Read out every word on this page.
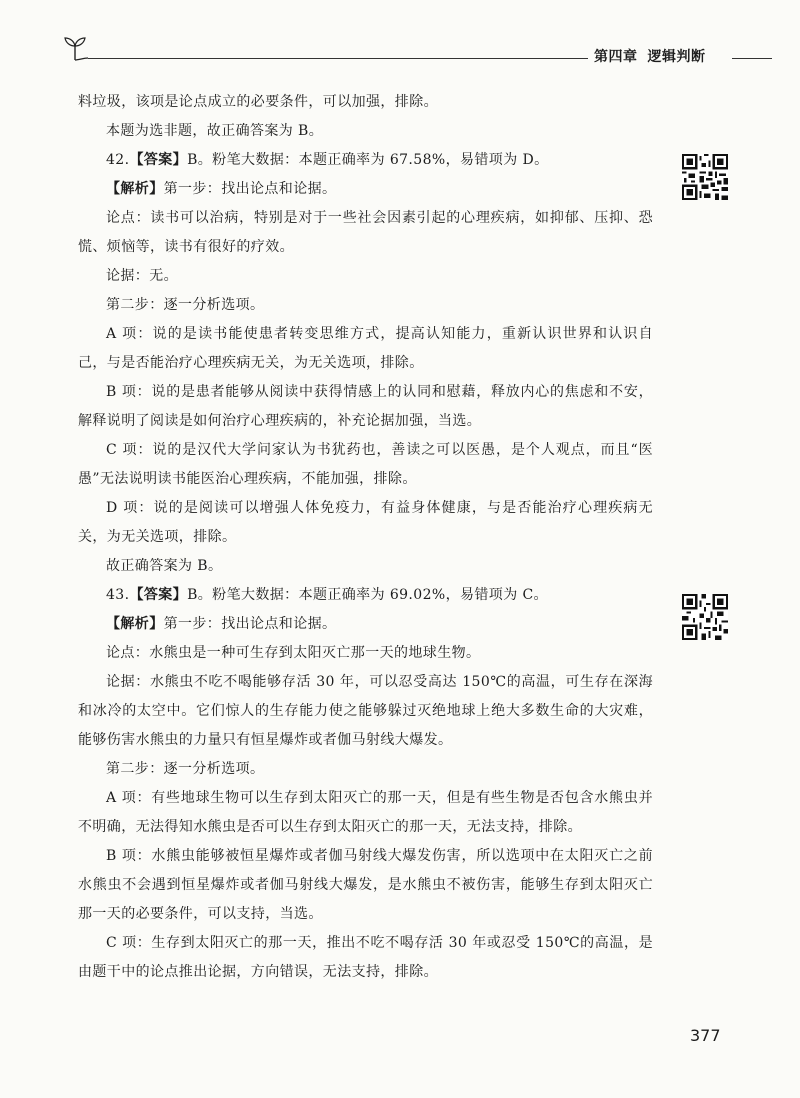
第四章 逻辑判断

料垃圾，该项是论点成立的必要条件，可以加强，排除。

本题为选非题，故正确答案为 B。

42.【答案】B。粉笔大数据：本题正确率为 67.58%，易错项为 D。

【解析】第一步：找出论点和论据。

论点：读书可以治病，特别是对于一些社会因素引起的心理疾病，如抑郁、压抑、恐慌、烦恼等，读书有很好的疗效。

论据：无。

第二步：逐一分析选项。

A 项：说的是读书能使患者转变思维方式，提高认知能力，重新认识世界和认识自己，与是否能治疗心理疾病无关，为无关选项，排除。

B 项：说的是患者能够从阅读中获得情感上的认同和慰藉，释放内心的焦虑和不安，解释说明了阅读是如何治疗心理疾病的，补充论据加强，当选。

C 项：说的是汉代大学问家认为书犹药也，善读之可以医愚，是个人观点，而且“医愚”无法说明读书能医治心理疾病，不能加强，排除。

D 项：说的是阅读可以增强人体免疫力，有益身体健康，与是否能治疗心理疾病无关，为无关选项，排除。

故正确答案为 B。

43.【答案】B。粉笔大数据：本题正确率为 69.02%，易错项为 C。

【解析】第一步：找出论点和论据。

论点：水熊虫是一种可生存到太阳灭亡那一天的地球生物。

论据：水熊虫不吃不喝能够存活 30 年，可以忍受高达 150℃的高温，可生存在深海和冰冷的太空中。它们惊人的生存能力使之能够躲过灭绝地球上绝大多数生命的大灾难，能够伤害水熊虫的力量只有恒星爆炸或者伽马射线大爆发。

第二步：逐一分析选项。

A 项：有些地球生物可以生存到太阳灭亡的那一天，但是有些生物是否包含水熊虫并不明确，无法得知水熊虫是否可以生存到太阳灭亡的那一天，无法支持，排除。

B 项：水熊虫能够被恒星爆炸或者伽马射线大爆发伤害，所以选项中在太阳灭亡之前水熊虫不会遇到恒星爆炸或者伽马射线大爆发，是水熊虫不被伤害，能够生存到太阳灭亡那一天的必要条件，可以支持，当选。

C 项：生存到太阳灭亡的那一天，推出不吃不喝存活 30 年或忍受 150℃的高温，是由题干中的论点推出论据，方向错误，无法支持，排除。

377
